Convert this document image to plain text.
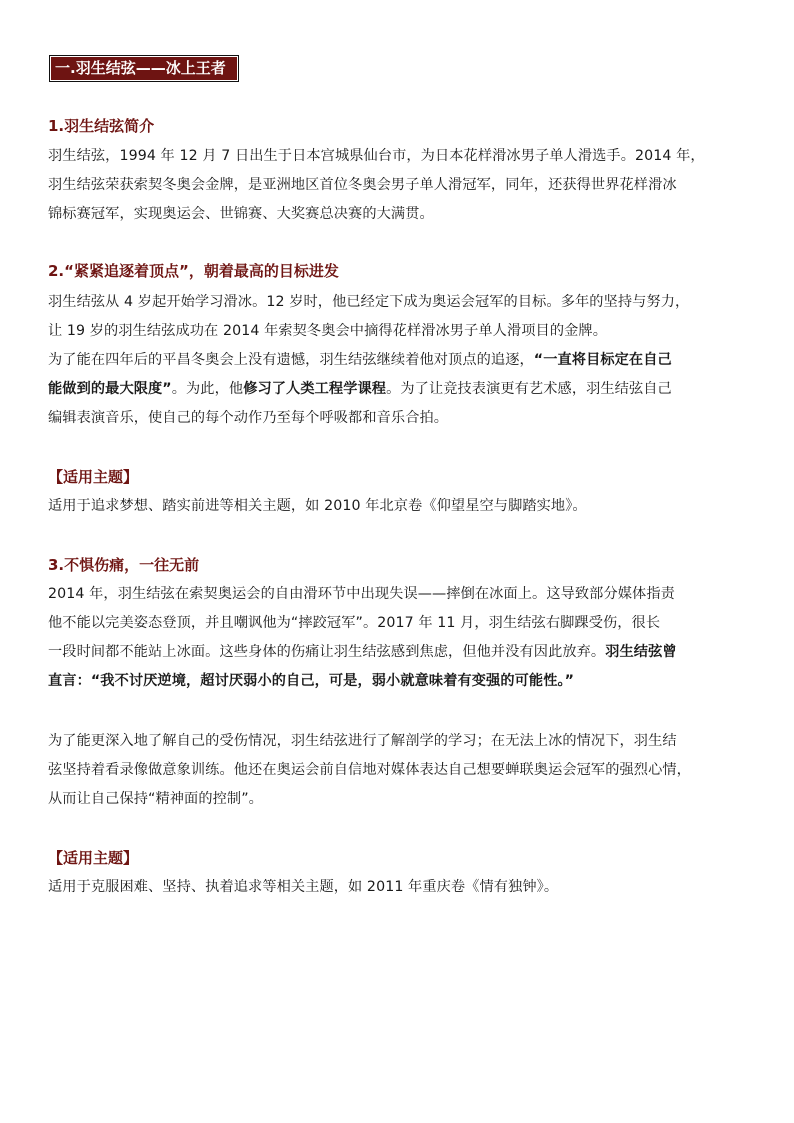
一.羽生结弦——冰上王者
1.羽生结弦简介
羽生结弦，1994 年 12 月 7 日出生于日本宫城県仙台市，为日本花样滑冰男子单人滑选手。2014 年，
羽生结弦荣获索契冬奥会金牌，是亚洲地区首位冬奥会男子单人滑冠军，同年，还获得世界花样滑冰
锦标赛冠军，实现奥运会、世锦赛、大奖赛总决赛的大满贯。
2.“紧紧追逐着顶点”，朝着最高的目标进发
羽生结弦从 4 岁起开始学习滑冰。12 岁时，他已经定下成为奥运会冠军的目标。多年的坚持与努力，
让 19 岁的羽生结弦成功在 2014 年索契冬奥会中摘得花样滑冰男子单人滑项目的金牌。
为了能在四年后的平昌冬奥会上没有遗憾，羽生结弦继续着他对顶点的追逐，“一直将目标定在自己
能做到的最大限度”。为此，他修习了人类工程学课程。为了让竞技表演更有艺术感，羽生结弦自己
编辑表演音乐，使自己的每个动作乃至每个呼吸都和音乐合拍。
【适用主题】
适用于追求梦想、踏实前进等相关主题，如 2010 年北京卷《仰望星空与脚踏实地》。
3.不惧伤痛，一往无前
2014 年，羽生结弦在索契奥运会的自由滑环节中出现失误——摔倒在冰面上。这导致部分媒体指责
他不能以完美姿态登顶，并且嘲讽他为“摔跤冠军”。2017 年 11 月，羽生结弦右脚踝受伤，很长
一段时间都不能站上冰面。这些身体的伤痛让羽生结弦感到焦虑，但他并没有因此放弃。羽生结弦曾
直言：“我不讨厌逆境，超讨厌弱小的自己，可是，弱小就意味着有变强的可能性。”
为了能更深入地了解自己的受伤情况，羽生结弦进行了解剖学的学习；在无法上冰的情况下，羽生结
弦坚持着看录像做意象训练。他还在奥运会前自信地对媒体表达自己想要蝉联奥运会冠军的强烈心情，
从而让自己保持“精神面的控制”。
【适用主题】
适用于克服困难、坚持、执着追求等相关主题，如 2011 年重庆卷《情有独钟》。
